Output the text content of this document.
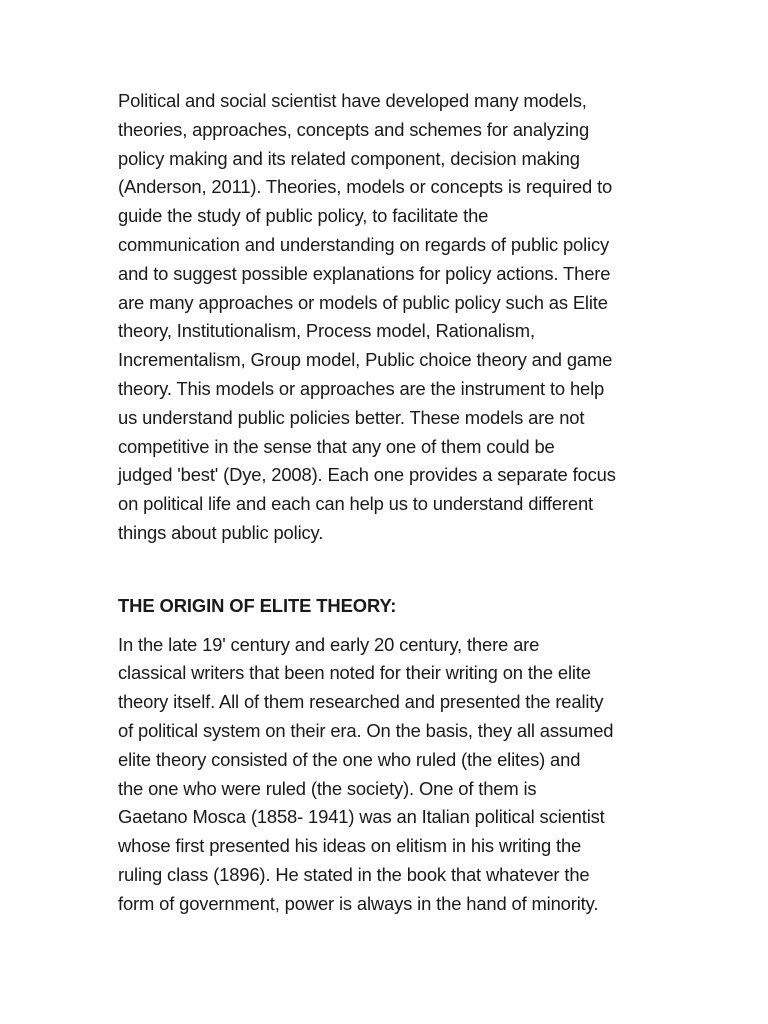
Political and social scientist have developed many models,
theories, approaches, concepts and schemes for analyzing
policy making and its related component, decision making
(Anderson, 2011). Theories, models or concepts is required to
guide the study of public policy, to facilitate the
communication and understanding on regards of public policy
and to suggest possible explanations for policy actions. There
are many approaches or models of public policy such as Elite
theory, Institutionalism, Process model, Rationalism,
Incrementalism, Group model, Public choice theory and game
theory. This models or approaches are the instrument to help
us understand public policies better. These models are not
competitive in the sense that any one of them could be
judged 'best' (Dye, 2008). Each one provides a separate focus
on political life and each can help us to understand different
things about public policy.

THE ORIGIN OF ELITE THEORY:

In the late 19' century and early 20 century, there are
classical writers that been noted for their writing on the elite
theory itself. All of them researched and presented the reality
of political system on their era. On the basis, they all assumed
elite theory consisted of the one who ruled (the elites) and
the one who were ruled (the society). One of them is
Gaetano Mosca (1858- 1941) was an Italian political scientist
whose first presented his ideas on elitism in his writing the
ruling class (1896). He stated in the book that whatever the
form of government, power is always in the hand of minority.
